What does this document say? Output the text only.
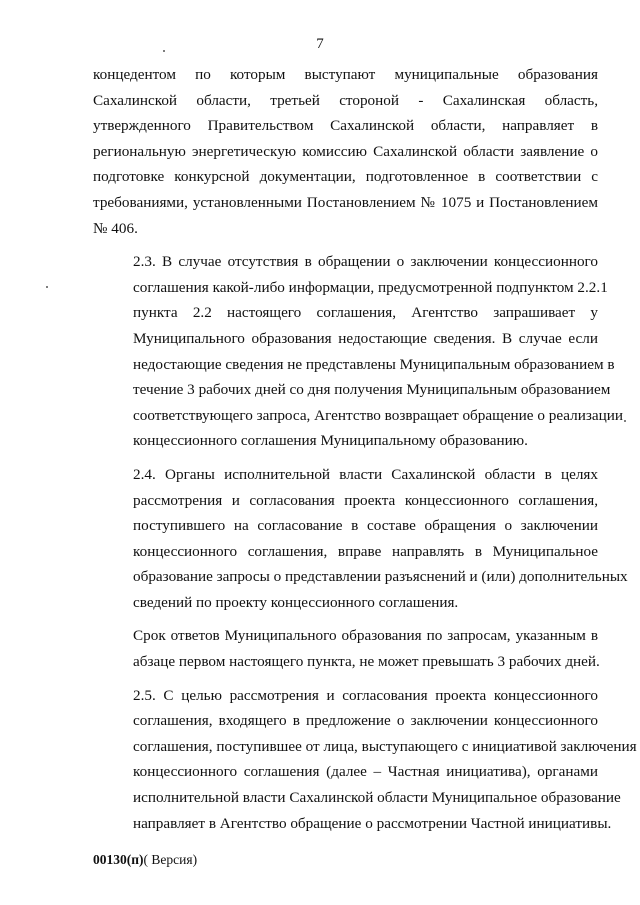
7

концедентом по которым выступают муниципальные образования
Сахалинской области, третьей стороной - Сахалинская область,
утвержденного Правительством Сахалинской области, направляет в
региональную энергетическую комиссию Сахалинской области заявление о
подготовке конкурсной документации, подготовленное в соответствии с
требованиями, установленными Постановлением № 1075 и Постановлением
№ 406.

2.3. В случае отсутствия в обращении о заключении концессионного
соглашения какой-либо информации, предусмотренной подпунктом 2.2.1
пункта 2.2 настоящего соглашения, Агентство запрашивает у
Муниципального образования недостающие сведения. В случае если
недостающие сведения не представлены Муниципальным образованием в
течение 3 рабочих дней со дня получения Муниципальным образованием
соответствующего запроса, Агентство возвращает обращение о реализации
концессионного соглашения Муниципальному образованию.

2.4. Органы исполнительной власти Сахалинской области в целях
рассмотрения и согласования проекта концессионного соглашения,
поступившего на согласование в составе обращения о заключении
концессионного соглашения, вправе направлять в Муниципальное
образование запросы о представлении разъяснений и (или) дополнительных
сведений по проекту концессионного соглашения.

Срок ответов Муниципального образования по запросам, указанным в
абзаце первом настоящего пункта, не может превышать 3 рабочих дней.

2.5. С целью рассмотрения и согласования проекта концессионного
соглашения, входящего в предложение о заключении концессионного
соглашения, поступившее от лица, выступающего с инициативой заключения
концессионного соглашения (далее – Частная инициатива), органами
исполнительной власти Сахалинской области Муниципальное образование
направляет в Агентство обращение о рассмотрении Частной инициативы.

00130(п)( Версия)
